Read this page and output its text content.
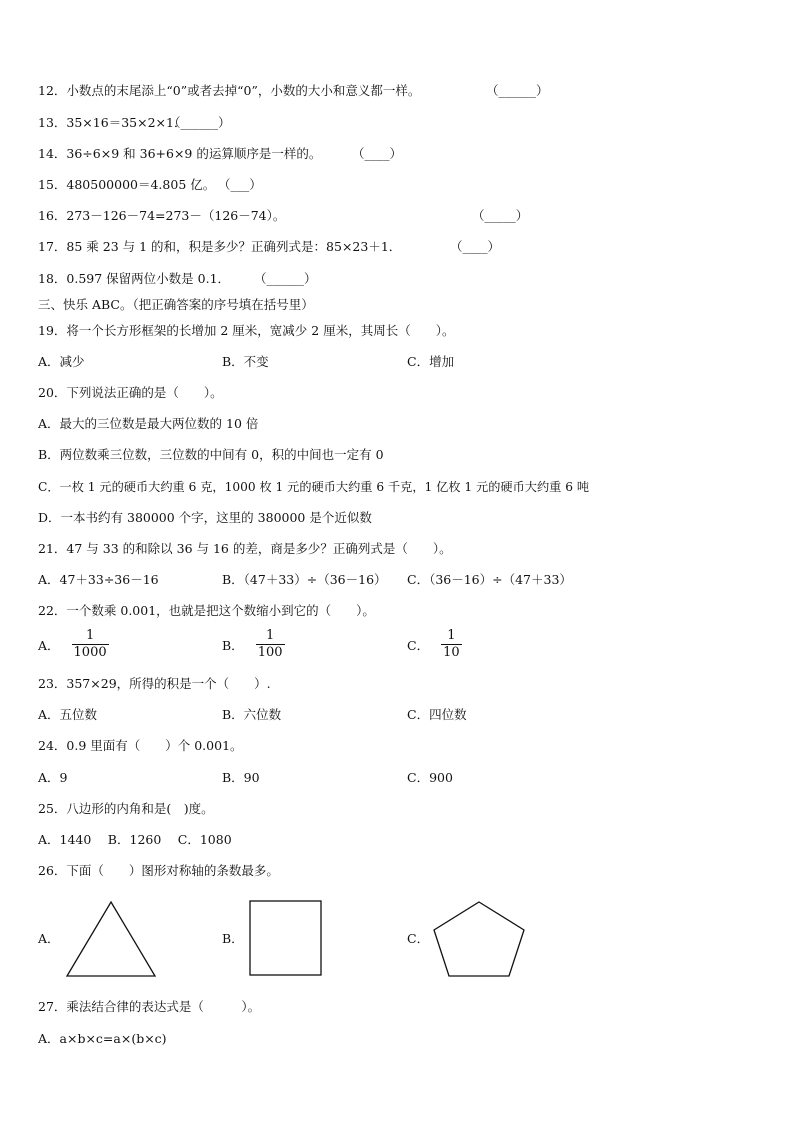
12．小数点的末尾添上“0”或者去掉“0”，小数的大小和意义都一样。	（______）
13．35×16＝35×2×1．
（______）
14．36÷6×9 和 36+6×9 的运算顺序是一样的。 （____）
15．480500000＝4.805 亿。 （___）
16．273－126－74=273－（126－74）。	（_____）
17．85 乘 23 与 1 的和，积是多少？正确列式是：85×23＋1．	（____）
18．0.597 保留两位小数是 0.1． （______）
三、快乐 ABC。（把正确答案的序号填在括号里）
19．将一个长方形框架的长增加 2 厘米，宽减少 2 厘米，其周长（　　）。
A．减少	B．不变	C．增加
20．下列说法正确的是（　　）。
A．最大的三位数是最大两位数的 10 倍
B．两位数乘三位数，三位数的中间有 0，积的中间也一定有 0
C．一枚 1 元的硬币大约重 6 克，1000 枚 1 元的硬币大约重 6 千克，1 亿枚 1 元的硬币大约重 6 吨
D．一本书约有 380000 个字，这里的 380000 是个近似数
21．47 与 33 的和除以 36 与 16 的差，商是多少？正确列式是（　　）。
A．47＋33÷36－16	B．（47＋33）÷（36－16） C．（36－16）÷（47＋33）
22．一个数乘 0.001，也就是把这个数缩小到它的（　　）。
A． $\frac{1}{1000}$	B． $\frac{1}{100}$	C． $\frac{1}{10}$
23．357×29，所得的积是一个（　　）.
A．五位数	B．六位数	C．四位数
24．0.9 里面有（　　）个 0.001。
A．9	B．90	C．900
25．八边形的内角和是(　)度。
A．1440　 B．1260　 C．1080
26．下面（　　）图形对称轴的条数最多。
A．	B．	C．
27．乘法结合律的表达式是（　　　）。
A．a×b×c=a×(b×c)
